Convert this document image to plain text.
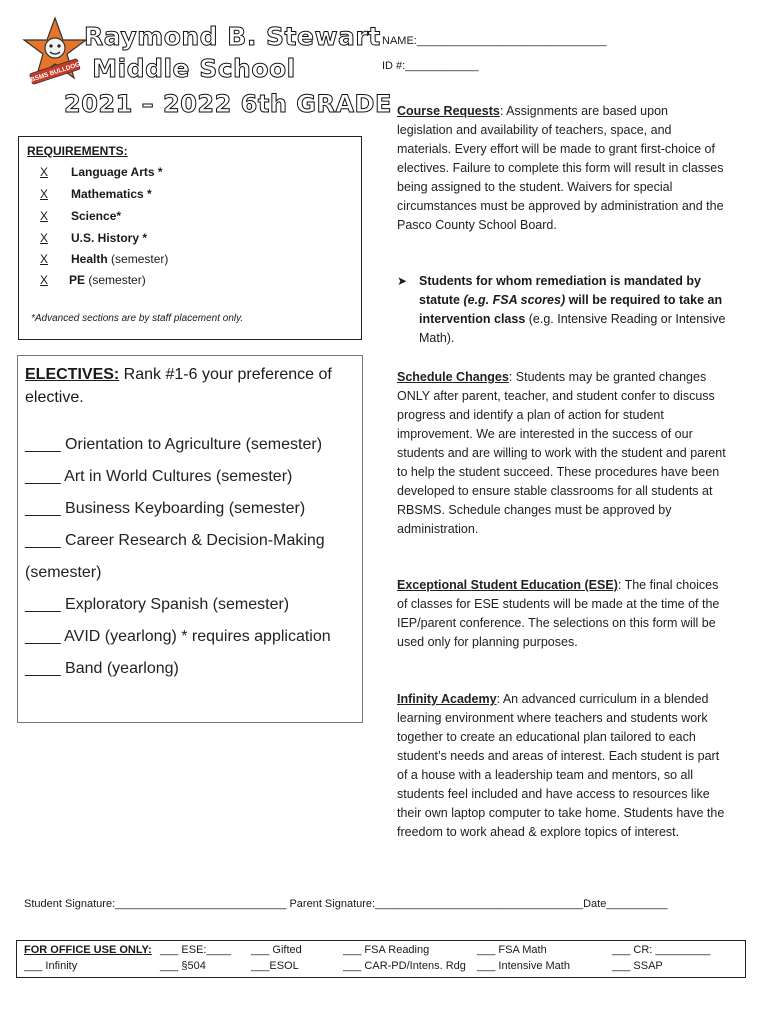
RBSMS BULLDOGS
Raymond B. Stewart
Middle School
2021 – 2022 6th GRADE
NAME:_______________________________
ID #:____________
REQUIREMENTS:
X Language Arts *
X Mathematics *
X Science*
X U.S. History *
X Health (semester)
X PE (semester)
*Advanced sections are by staff placement only.
ELECTIVES: Rank #1-6 your preference of elective.
____ Orientation to Agriculture (semester)
____ Art in World Cultures (semester)
____ Business Keyboarding (semester)
____ Career Research & Decision-Making
(semester)
____ Exploratory Spanish (semester)
____ AVID (yearlong) * requires application
____ Band (yearlong)
Course Requests: Assignments are based upon legislation and availability of teachers, space, and materials. Every effort will be made to grant first-choice of electives. Failure to complete this form will result in classes being assigned to the student. Waivers for special circumstances must be approved by administration and the Pasco County School Board.
➤ Students for whom remediation is mandated by statute (e.g. FSA scores) will be required to take an intervention class (e.g. Intensive Reading or Intensive Math).
Schedule Changes: Students may be granted changes ONLY after parent, teacher, and student confer to discuss progress and identify a plan of action for student improvement. We are interested in the success of our students and are willing to work with the student and parent to help the student succeed. These procedures have been developed to ensure stable classrooms for all students at RBSMS. Schedule changes must be approved by administration.
Exceptional Student Education (ESE): The final choices of classes for ESE students will be made at the time of the IEP/parent conference. The selections on this form will be used only for planning purposes.
Infinity Academy: An advanced curriculum in a blended learning environment where teachers and students work together to create an educational plan tailored to each student’s needs and areas of interest. Each student is part of a house with a leadership team and mentors, so all students feel included and have access to resources like their own laptop computer to take home. Students have the freedom to work ahead & explore topics of interest.
Student Signature:____________________________ Parent Signature:__________________________________Date__________
FOR OFFICE USE ONLY:
___ Infinity
___ ESE:____
___ §504
___ Gifted
___ESOL
___ FSA Reading
___ CAR-PD/Intens. Rdg
___ FSA Math
___ Intensive Math
___ CR: _________
___ SSAP
